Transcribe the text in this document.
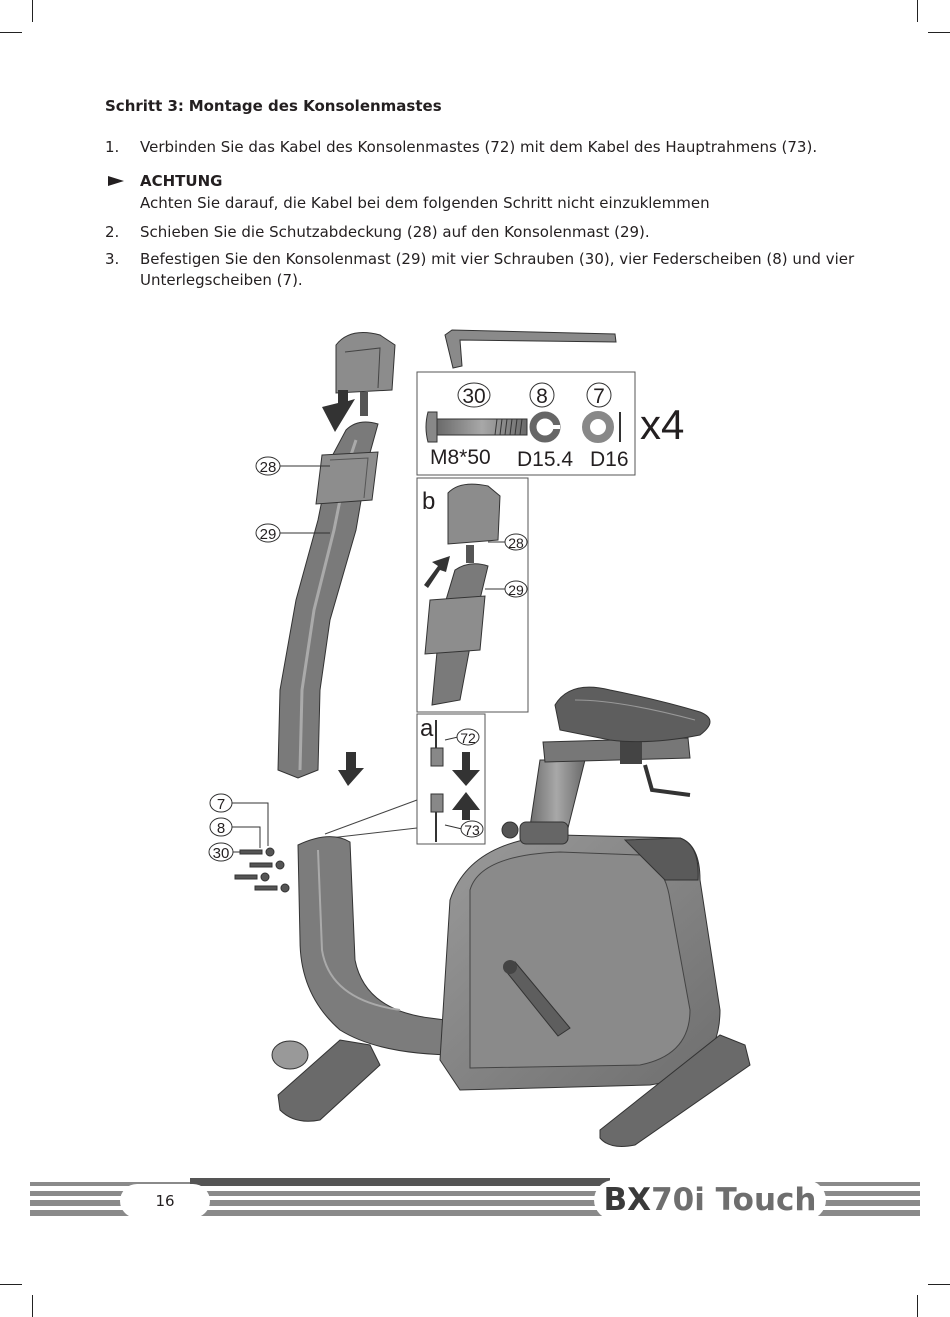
Schritt 3: Montage des Konsolenmastes
1.	Verbinden Sie das Kabel des Konsolenmastes (72) mit dem Kabel des Hauptrahmens (73).
ACHTUNG
Achten Sie darauf, die Kabel bei dem folgenden Schritt nicht einzuklemmen
2.	Schieben Sie die Schutzabdeckung (28) auf den Konsolenmast (29).
3.	Befestigen Sie den Konsolenmast (29) mit vier Schrauben (30), vier Federscheiben (8) und vier Unterlegscheiben (7).
30 8 7
M8*50 D15.4 D16
x4
28
29
b
28
29
a 72
73
7
8
30
16	BX70i Touch
